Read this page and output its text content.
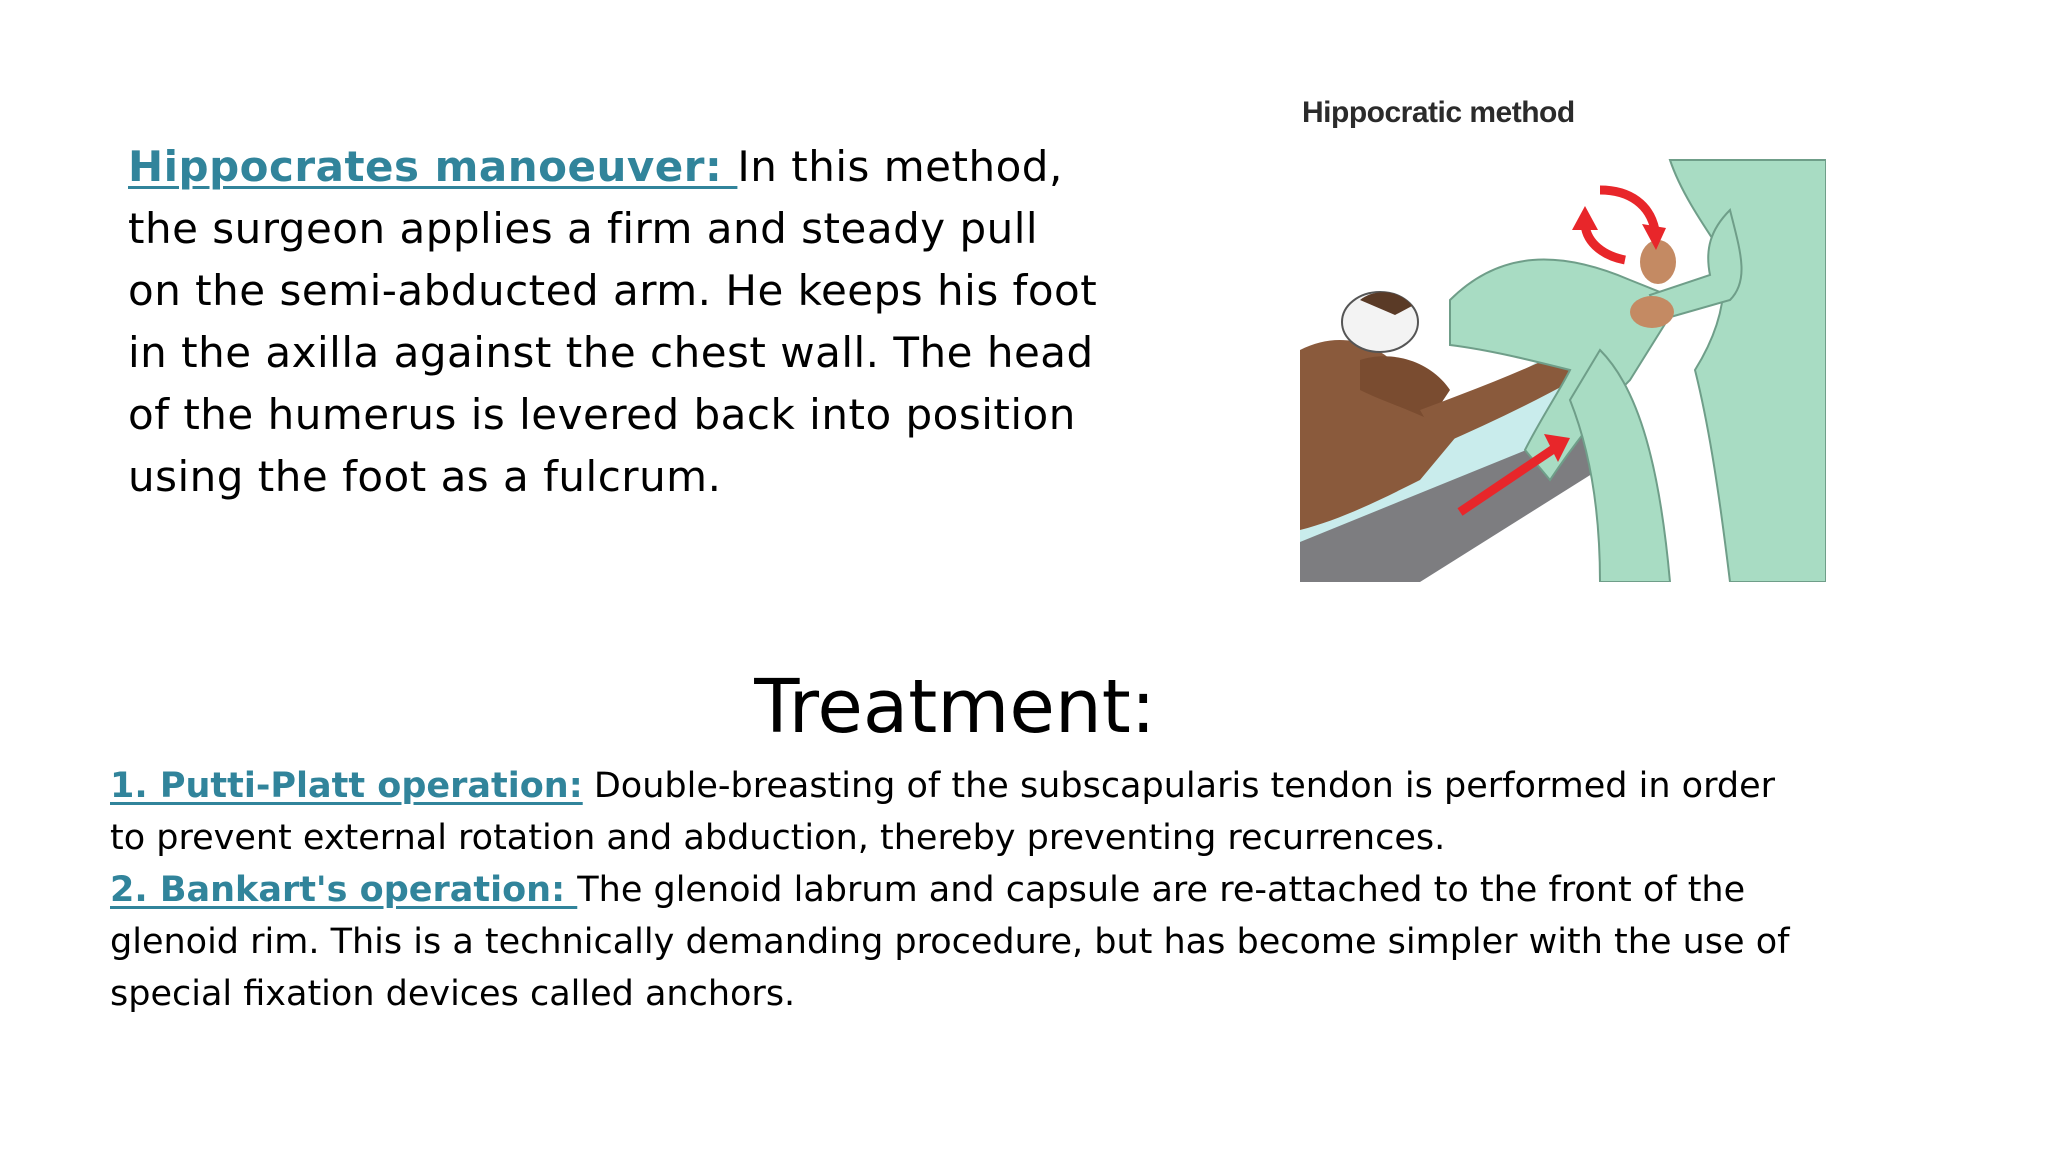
Hippocrates manoeuver: In this method, the surgeon applies a firm and steady pull on the semi-abducted arm. He keeps his foot in the axilla against the chest wall. The head of the humerus is levered back into position using the foot as a fulcrum.
Hippocratic method
Treatment:

1. Putti-Platt operation: Double-breasting of the subscapularis tendon is performed in order to prevent external rotation and abduction, thereby preventing recurrences.

2. Bankart's operation: The glenoid labrum and capsule are re-attached to the front of the glenoid rim. This is a technically demanding procedure, but has become simpler with the use of special fixation devices called anchors.
